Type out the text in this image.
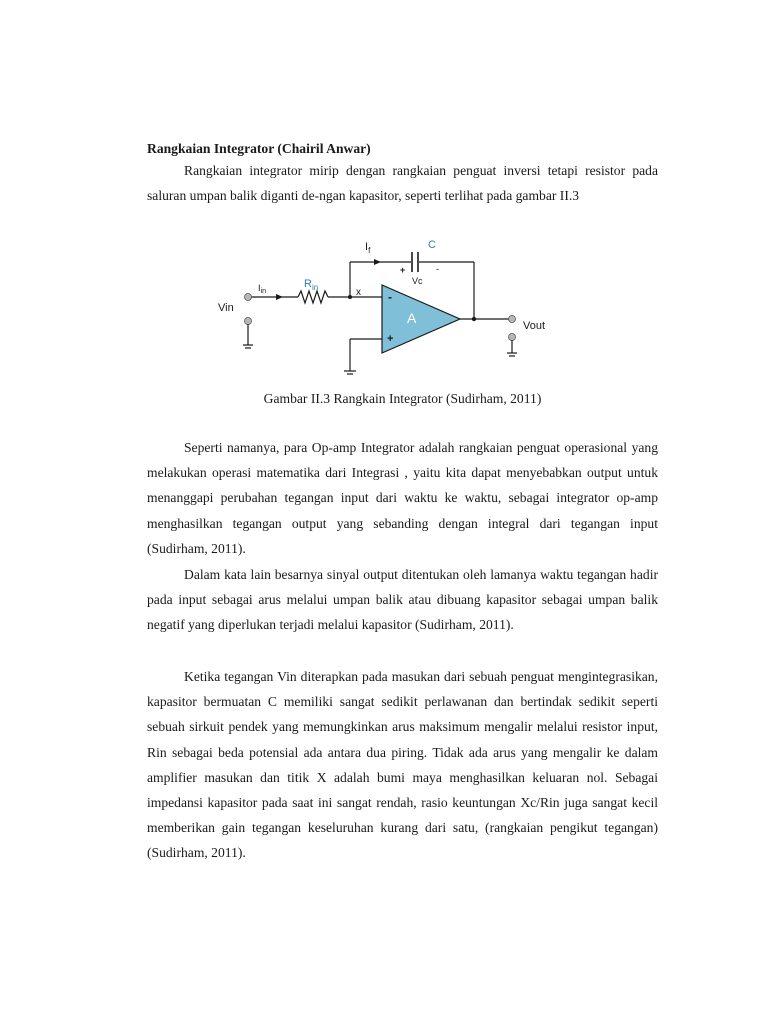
Rangkaian Integrator (Chairil Anwar)

Rangkaian integrator mirip dengan rangkaian penguat inversi tetapi resistor pada saluran umpan balik diganti de-ngan kapasitor, seperti terlihat pada gambar II.3

$I_f$	C
+	-
Vc
$I_{in}$
$R_{in}$	x
Vin
A
-
+
Vout
Gambar II.3 Rangkain Integrator (Sudirham, 2011)

Seperti namanya, para Op-amp Integrator adalah rangkaian penguat operasional yang melakukan operasi matematika dari Integrasi , yaitu kita dapat menyebabkan output untuk menanggapi perubahan tegangan input dari waktu ke waktu, sebagai integrator op-amp menghasilkan tegangan output yang sebanding dengan integral dari tegangan input (Sudirham, 2011).

Dalam kata lain besarnya sinyal output ditentukan oleh lamanya waktu tegangan hadir pada input sebagai arus melalui umpan balik atau dibuang kapasitor sebagai umpan balik negatif yang diperlukan terjadi melalui kapasitor (Sudirham, 2011).

Ketika tegangan Vin diterapkan pada masukan dari sebuah penguat mengintegrasikan, kapasitor bermuatan C memiliki sangat sedikit perlawanan dan bertindak sedikit seperti sebuah sirkuit pendek yang memungkinkan arus maksimum mengalir melalui resistor input, Rin sebagai beda potensial ada antara dua piring. Tidak ada arus yang mengalir ke dalam amplifier masukan dan titik X adalah bumi maya menghasilkan keluaran nol. Sebagai impedansi kapasitor pada saat ini sangat rendah, rasio keuntungan Xc/Rin juga sangat kecil memberikan gain tegangan keseluruhan kurang dari satu, (rangkaian pengikut tegangan) (Sudirham, 2011).
